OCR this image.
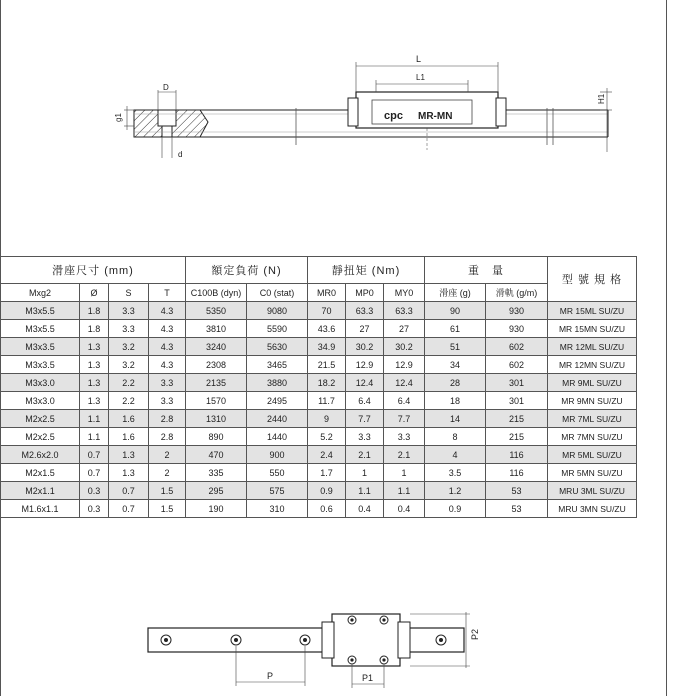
cpc MR-MN
L
L1
H1
D
g1
d
滑座尺寸 (mm)				額定負荷 (N)		靜扭矩 (Nm)			重　量		型 號 規 格
Mxg2	Ø	S	T	C100B (dyn)	C0 (stat)	MR0	MP0	MY0	滑座 (g)	滑軌 (g/m)	
M3x5.5	1.8	3.3	4.3	5350	9080	70	63.3	63.3	90	930	MR 15ML SU/ZU
M3x5.5	1.8	3.3	4.3	3810	5590	43.6	27	27	61	930	MR 15MN SU/ZU
M3x3.5	1.3	3.2	4.3	3240	5630	34.9	30.2	30.2	51	602	MR 12ML SU/ZU
M3x3.5	1.3	3.2	4.3	2308	3465	21.5	12.9	12.9	34	602	MR 12MN SU/ZU
M3x3.0	1.3	2.2	3.3	2135	3880	18.2	12.4	12.4	28	301	MR 9ML SU/ZU
M3x3.0	1.3	2.2	3.3	1570	2495	11.7	6.4	6.4	18	301	MR 9MN SU/ZU
M2x2.5	1.1	1.6	2.8	1310	2440	9	7.7	7.7	14	215	MR 7ML SU/ZU
M2x2.5	1.1	1.6	2.8	890	1440	5.2	3.3	3.3	8	215	MR 7MN SU/ZU
M2.6x2.0	0.7	1.3	2	470	900	2.4	2.1	2.1	4	116	MR 5ML SU/ZU
M2x1.5	0.7	1.3	2	335	550	1.7	1	1	3.5	116	MR 5MN SU/ZU
M2x1.1	0.3	0.7	1.5	295	575	0.9	1.1	1.1	1.2	53	MRU 3ML SU/ZU
M1.6x1.1	0.3	0.7	1.5	190	310	0.6	0.4	0.4	0.9	53	MRU 3MN SU/ZU
P	P1
P2
